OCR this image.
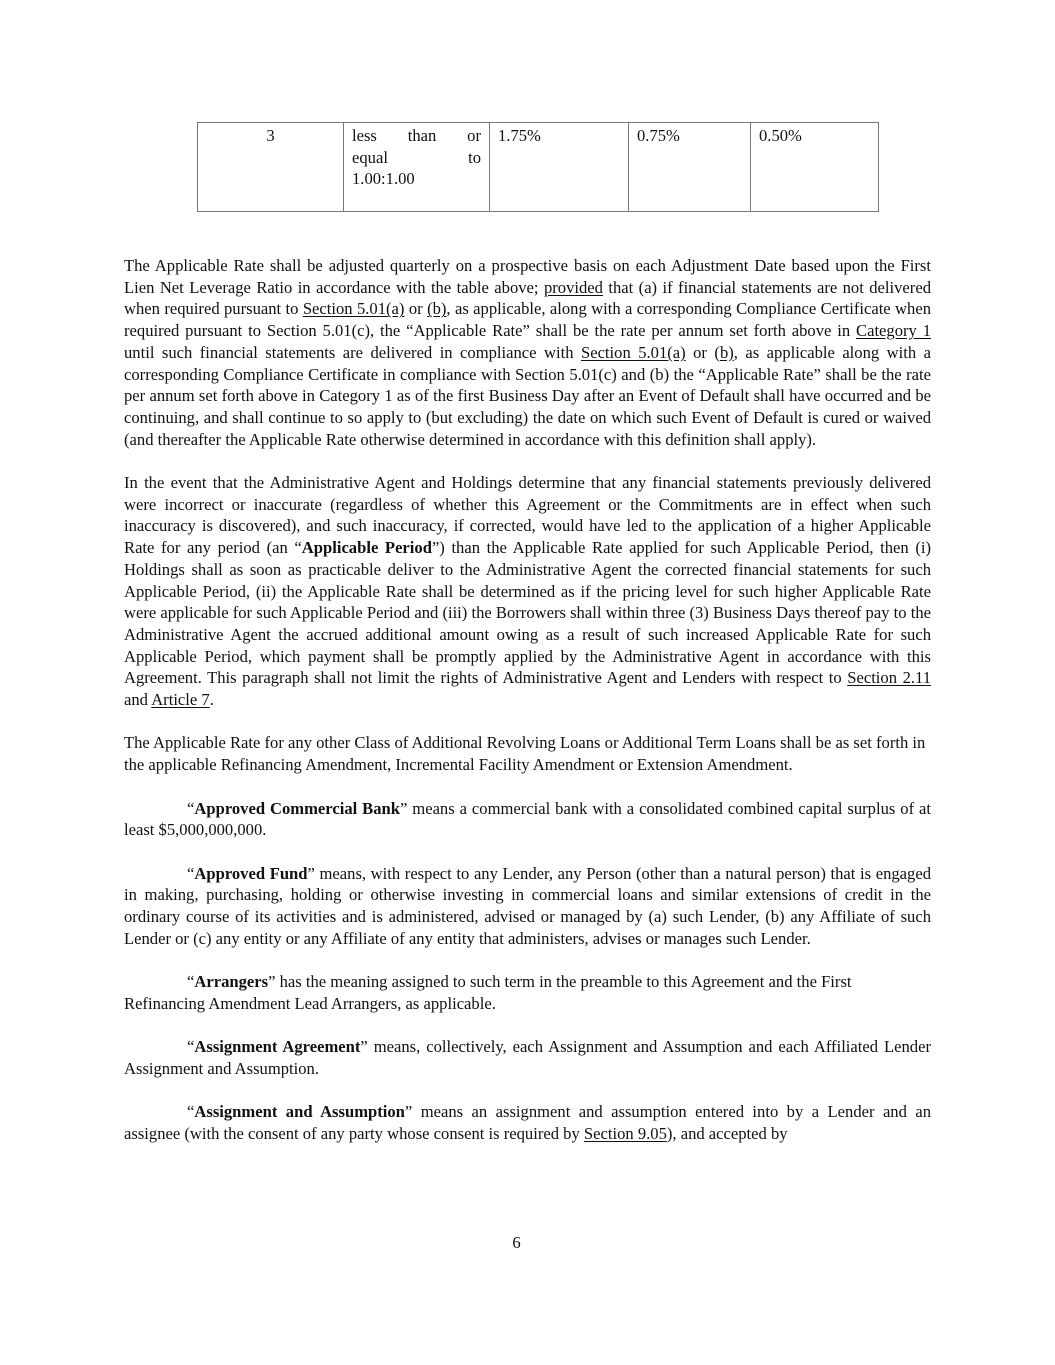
3	less than or
equal to
1.00:1.00
	1.75%	0.75%	0.50%

The Applicable Rate shall be adjusted quarterly on a prospective basis on each Adjustment Date based upon the First Lien Net Leverage Ratio in accordance with the table above; provided that (a) if financial statements are not delivered when required pursuant to Section 5.01(a) or (b), as applicable, along with a corresponding Compliance Certificate when required pursuant to Section 5.01(c), the “Applicable Rate” shall be the rate per annum set forth above in Category 1 until such financial statements are delivered in compliance with Section 5.01(a) or (b), as applicable along with a corresponding Compliance Certificate in compliance with Section 5.01(c) and (b) the “Applicable Rate” shall be the rate per annum set forth above in Category 1 as of the first Business Day after an Event of Default shall have occurred and be continuing, and shall continue to so apply to (but excluding) the date on which such Event of Default is cured or waived (and thereafter the Applicable Rate otherwise determined in accordance with this definition shall apply).

In the event that the Administrative Agent and Holdings determine that any financial statements previously delivered were incorrect or inaccurate (regardless of whether this Agreement or the Commitments are in effect when such inaccuracy is discovered), and such inaccuracy, if corrected, would have led to the application of a higher Applicable Rate for any period (an “Applicable Period”) than the Applicable Rate applied for such Applicable Period, then (i) Holdings shall as soon as practicable deliver to the Administrative Agent the corrected financial statements for such Applicable Period, (ii) the Applicable Rate shall be determined as if the pricing level for such higher Applicable Rate were applicable for such Applicable Period and (iii) the Borrowers shall within three (3) Business Days thereof pay to the Administrative Agent the accrued additional amount owing as a result of such increased Applicable Rate for such Applicable Period, which payment shall be promptly applied by the Administrative Agent in accordance with this Agreement. This paragraph shall not limit the rights of Administrative Agent and Lenders with respect to Section 2.11 and Article 7.

The Applicable Rate for any other Class of Additional Revolving Loans or Additional Term Loans shall be as set forth in the applicable Refinancing Amendment, Incremental Facility Amendment or Extension Amendment.

“Approved Commercial Bank” means a commercial bank with a consolidated combined capital surplus of at least $5,000,000,000.

“Approved Fund” means, with respect to any Lender, any Person (other than a natural person) that is engaged in making, purchasing, holding or otherwise investing in commercial loans and similar extensions of credit in the ordinary course of its activities and is administered, advised or managed by (a) such Lender, (b) any Affiliate of such Lender or (c) any entity or any Affiliate of any entity that administers, advises or manages such Lender.

“Arrangers” has the meaning assigned to such term in the preamble to this Agreement and the First Refinancing Amendment Lead Arrangers, as applicable.

“Assignment Agreement” means, collectively, each Assignment and Assumption and each Affiliated Lender Assignment and Assumption.

“Assignment and Assumption” means an assignment and assumption entered into by a Lender and an assignee (with the consent of any party whose consent is required by Section 9.05), and accepted by

6
